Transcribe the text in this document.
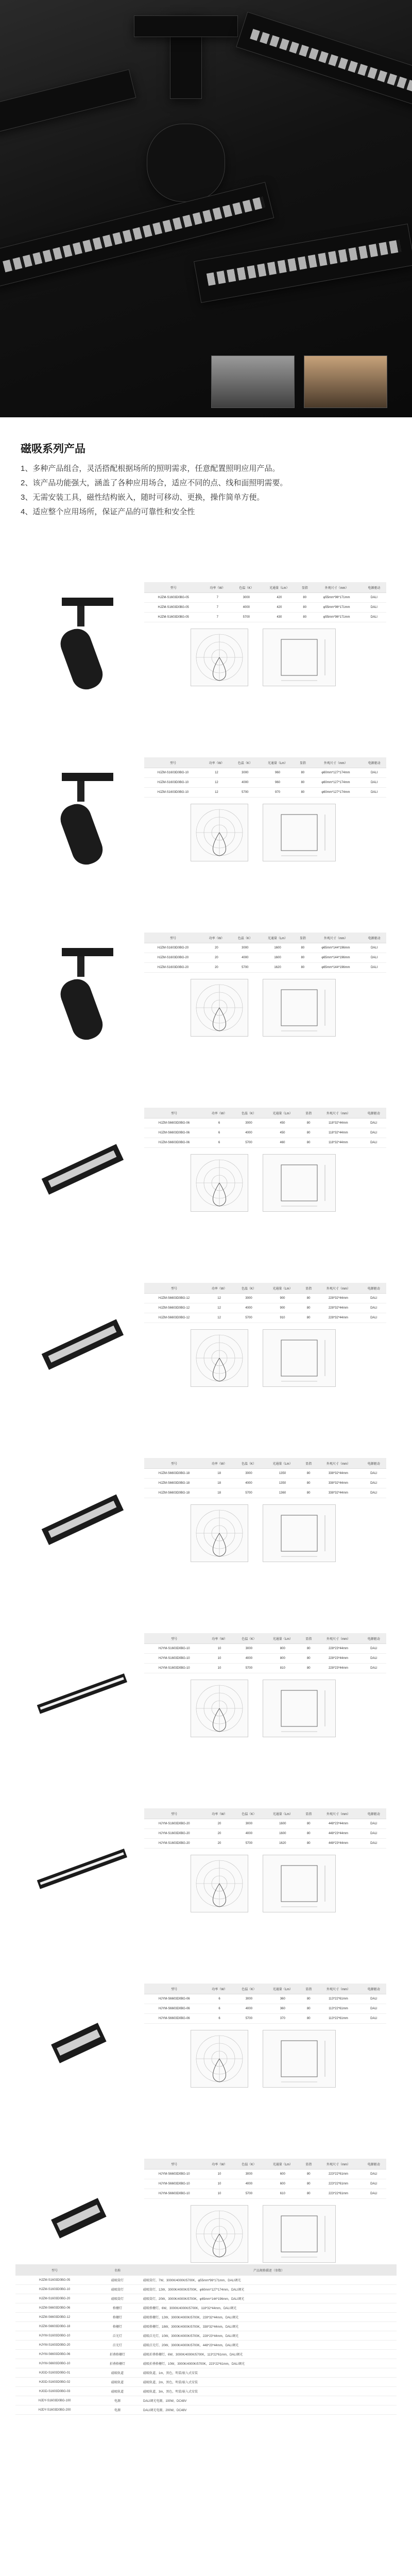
磁吸系列产品

1、多种产品组合，灵活搭配根据场所的照明需求，任意配置照明应用产品。

2、该产品功能强大，涵盖了各种应用场合，适应不同的点、线和面照明需要。

3、无需安装工具，磁性结构嵌入，随时可移动、更换，操作简单方便。

4、适应整个应用场所，保证产品的可靠性和安全性

型号	功率（W）	色温（K）	光通量（Lm）	显指	外观尺寸（mm）	电源驱动
HJZM-S1603D0BG-05	7	3000	420	80	φ55mm*96*171mm	DALI
HJZM-S1603D0BG-05	7	4000	420	80	φ55mm*96*171mm	DALI
HJZM-S1603D0BG-05	7	5700	430	80	φ55mm*96*171mm	DALI
型号	功率（W）	色温（K）	光通量（Lm）	显指	外观尺寸（mm）	电源驱动
HJZM-S1603D0BG-10	12	3000	960	80	φ60mm*127*174mm	DALI
HJZM-S1603D0BG-10	12	4000	960	80	φ60mm*127*174mm	DALI
HJZM-S1603D0BG-10	12	5700	970	80	φ60mm*127*174mm	DALI
型号	功率（W）	色温（K）	光通量（Lm）	显指	外观尺寸（mm）	电源驱动
HJZM-S1603D0BG-20	20	3000	1600	80	φ65mm*144*196mm	DALI
HJZM-S1603D0BG-20	20	4000	1600	80	φ65mm*144*196mm	DALI
HJZM-S1603D0BG-20	20	5700	1620	80	φ65mm*144*196mm	DALI
型号	功率（W）	色温（K）	光通量（Lm）	显指	外观尺寸（mm）	电源驱动
HJZM-S6603D0BG-06	6	3000	450	80	118*32*44mm	DALI
HJZM-S6603D0BG-06	6	4000	450	80	118*32*44mm	DALI
HJZM-S6603D0BG-06	6	5700	460	80	118*32*44mm	DALI
型号	功率（W）	色温（K）	光通量（Lm）	显指	外观尺寸（mm）	电源驱动
HJZM-S6603D0BG-12	12	3000	900	80	228*32*44mm	DALI
HJZM-S6603D0BG-12	12	4000	900	80	228*32*44mm	DALI
HJZM-S6603D0BG-12	12	5700	910	80	228*32*44mm	DALI
型号	功率（W）	色温（K）	光通量（Lm）	显指	外观尺寸（mm）	电源驱动
HJZM-S6603D0BG-18	18	3000	1350	80	338*32*44mm	DALI
HJZM-S6603D0BG-18	18	4000	1350	80	338*32*44mm	DALI
HJZM-S6603D0BG-18	18	5700	1360	80	338*32*44mm	DALI
型号	功率（W）	色温（K）	光通量（Lm）	显指	外观尺寸（mm）	电源驱动
HJYM-S1603D0BG-10	10	3000	800	80	228*23*44mm	DALI
HJYM-S1603D0BG-10	10	4000	800	80	228*23*44mm	DALI
HJYM-S1603D0BG-10	10	5700	810	80	228*23*44mm	DALI
型号	功率（W）	色温（K）	光通量（Lm）	显指	外观尺寸（mm）	电源驱动
HJYM-S1603D0BG-20	20	3000	1600	80	448*23*44mm	DALI
HJYM-S1603D0BG-20	20	4000	1600	80	448*23*44mm	DALI
HJYM-S1603D0BG-20	20	5700	1620	80	448*23*44mm	DALI
型号	功率（W）	色温（K）	光通量（Lm）	显指	外观尺寸（mm）	电源驱动
HJYM-S6603D0BG-06	6	3000	360	80	113*22*61mm	DALI
HJYM-S6603D0BG-06	6	4000	360	80	113*22*61mm	DALI
HJYM-S6603D0BG-06	6	5700	370	80	113*22*61mm	DALI
型号	功率（W）	色温（K）	光通量（Lm）	显指	外观尺寸（mm）	电源驱动
HJYM-S6603D0BG-10	10	3000	600	80	223*22*61mm	DALI
HJYM-S6603D0BG-10	10	4000	600	80	223*22*61mm	DALI
HJYM-S6603D0BG-10	10	5700	610	80	223*22*61mm	DALI
型号	名称	产品规格描述（参数）
HJZM-S1603D0BG-05	磁吸筒灯	磁吸筒灯，7W，3000K/4000K/5700K，φ55mm*96*171mm，DALI调光
HJZM-S1603D0BG-10	磁吸筒灯	磁吸筒灯，12W，3000K/4000K/5700K，φ60mm*127*174mm，DALI调光
HJZM-S1603D0BG-20	磁吸筒灯	磁吸筒灯，20W，3000K/4000K/5700K，φ65mm*144*196mm，DALI调光
HJZM-S6603D0BG-06	格栅灯	磁吸格栅灯，6W，3000K/4000K/5700K，118*32*44mm，DALI调光
HJZM-S6603D0BG-12	格栅灯	磁吸格栅灯，12W，3000K/4000K/5700K，228*32*44mm，DALI调光
HJZM-S6603D0BG-18	格栅灯	磁吸格栅灯，18W，3000K/4000K/5700K，338*32*44mm，DALI调光
HJYM-S1603D0BG-10	泛光灯	磁吸泛光灯，10W，3000K/4000K/5700K，228*23*44mm，DALI调光
HJYM-S1603D0BG-20	泛光灯	磁吸泛光灯，20W，3000K/4000K/5700K，448*23*44mm，DALI调光
HJYM-S6603D0BG-06	折叠格栅灯	磁吸折叠格栅灯，6W，3000K/4000K/5700K，113*22*61mm，DALI调光
HJYM-S6603D0BG-10	折叠格栅灯	磁吸折叠格栅灯，10W，3000K/4000K/5700K，223*22*61mm，DALI调光
HJGD-S1603D0BG-01	磁吸轨道	磁吸轨道，1m，黑色，明装/嵌入式安装
HJGD-S1603D0BG-02	磁吸轨道	磁吸轨道，2m，黑色，明装/嵌入式安装
HJGD-S1603D0BG-03	磁吸轨道	磁吸轨道，3m，黑色，明装/嵌入式安装
HJDY-S1603D0BG-100	电源	DALI调光电源，100W，DC48V
HJDY-S1603D0BG-200	电源	DALI调光电源，200W，DC48V
